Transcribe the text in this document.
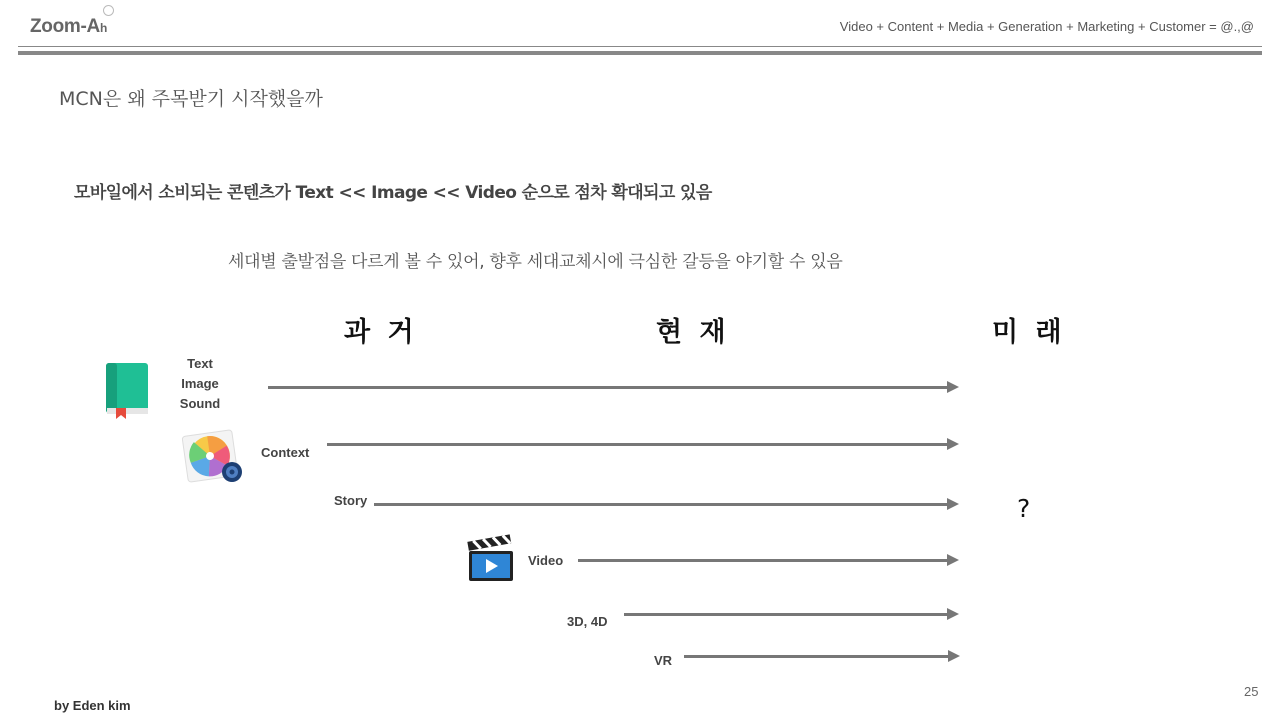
Zoom-Ah	Video + Content + Media + Generation + Marketing + Customer = @.,@
MCN은 왜 주목받기 시작했을까
모바일에서 소비되는 콘텐츠가 Text << Image << Video 순으로 점차 확대되고 있음
세대별 출발점을 다르게 볼 수 있어, 향후 세대교체시에 극심한 갈등을 야기할 수 있음
과 거	현 재	미 래
Text
Image
Sound
Context
Story
Video
3D, 4D
VR
?
by Eden kim
25
